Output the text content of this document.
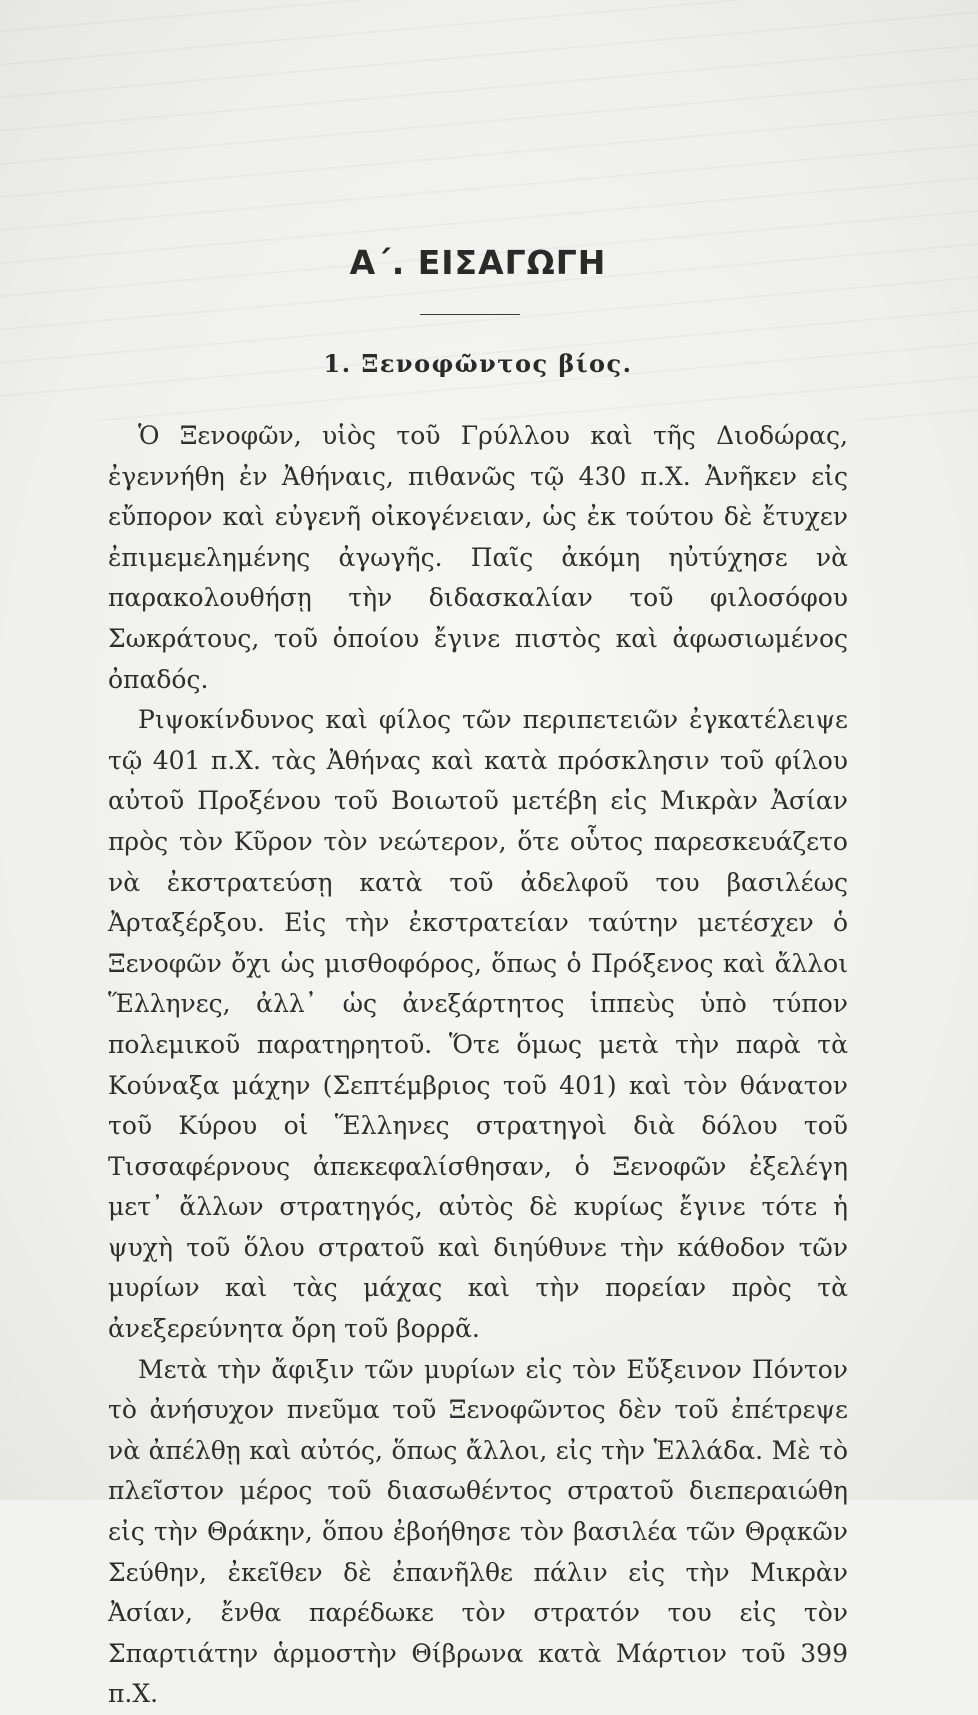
Α΄. ΕΙΣΑΓΩΓΗ
1. Ξενοφῶντος βίος.

Ὁ Ξενοφῶν, υἱὸς τοῦ Γρύλλου καὶ τῆς Διοδώρας, ἐγεννήθη ἐν Ἀθήναις, πιθανῶς τῷ 430 π.Χ. Ἀνῆκεν εἰς εὔπορον καὶ εὐγενῆ οἰκογένειαν, ὡς ἐκ τούτου δὲ ἔτυχεν ἐπιμεμελημένης ἀγωγῆς. Παῖς ἀκόμη ηὐτύχησε νὰ παρακολουθήσῃ τὴν διδασκαλίαν τοῦ φιλοσόφου Σωκράτους, τοῦ ὁποίου ἔγινε πιστὸς καὶ ἀφωσιωμένος ὀπαδός.

Ριψοκίνδυνος καὶ φίλος τῶν περιπετειῶν ἐγκατέλειψε τῷ 401 π.Χ. τὰς Ἀθήνας καὶ κατὰ πρόσκλησιν τοῦ φίλου αὐτοῦ Προξένου τοῦ Βοιωτοῦ μετέβη εἰς Μικρὰν Ἀσίαν πρὸς τὸν Κῦρον τὸν νεώτερον, ὅτε οὗτος παρεσκευάζετο νὰ ἐκστρατεύσῃ κατὰ τοῦ ἀδελφοῦ του βασιλέως Ἀρταξέρξου. Εἰς τὴν ἐκστρατείαν ταύτην μετέσχεν ὁ Ξενοφῶν ὄχι ὡς μισθοφόρος, ὅπως ὁ Πρόξενος καὶ ἄλλοι Ἕλληνες, ἀλλ᾽ ὡς ἀνεξάρτητος ἱππεὺς ὑπὸ τύπον πολεμικοῦ παρατηρητοῦ. Ὅτε ὅμως μετὰ τὴν παρὰ τὰ Κούναξα μάχην (Σεπτέμβριος τοῦ 401) καὶ τὸν θάνατον τοῦ Κύρου οἱ Ἕλληνες στρατηγοὶ διὰ δόλου τοῦ Τισσαφέρνους ἀπεκεφαλίσθησαν, ὁ Ξενοφῶν ἐξελέγη μετ᾽ ἄλλων στρατηγός, αὐτὸς δὲ κυρίως ἔγινε τότε ἡ ψυχὴ τοῦ ὅλου στρατοῦ καὶ διηύθυνε τὴν κάθοδον τῶν μυρίων καὶ τὰς μάχας καὶ τὴν πορείαν πρὸς τὰ ἀνεξερεύνητα ὄρη τοῦ βορρᾶ.

Μετὰ τὴν ἄφιξιν τῶν μυρίων εἰς τὸν Εὔξεινον Πόντον τὸ ἀνήσυχον πνεῦμα τοῦ Ξενοφῶντος δὲν τοῦ ἐπέτρεψε νὰ ἀπέλθῃ καὶ αὐτός, ὅπως ἄλλοι, εἰς τὴν Ἑλλάδα. Μὲ τὸ πλεῖστον μέρος τοῦ διασωθέντος στρατοῦ διεπεραιώθη εἰς τὴν Θράκην, ὅπου ἐβοήθησε τὸν βασιλέα τῶν Θρᾳκῶν Σεύθην, ἐκεῖθεν δὲ ἐπανῆλθε πάλιν εἰς τὴν Μικρὰν Ἀσίαν, ἔνθα παρέδωκε τὸν στρατόν του εἰς τὸν Σπαρτιάτην ἁρμοστὴν Θίβρωνα κατὰ Μάρτιον τοῦ 399 π.Χ.
